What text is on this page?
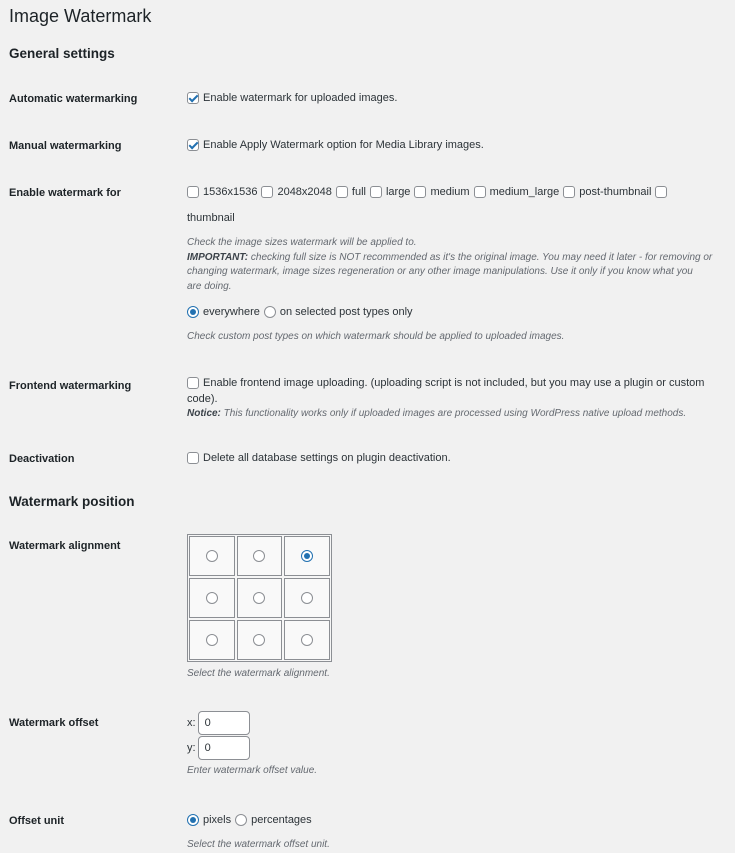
Image Watermark
General settings
Automatic watermarking	Enable watermark for uploaded images.
Manual watermarking	Enable Apply Watermark option for Media Library images.
Enable watermark for	1536x1536 2048x2048 full large medium medium_large post-thumbnail
thumbnail
Check the image sizes watermark will be applied to.
IMPORTANT: checking full size is NOT recommended as it's the original image. You may need it later - for removing or
changing watermark, image sizes regeneration or any other image manipulations. Use it only if you know what you
are doing.
everywhere on selected post types only
Check custom post types on which watermark should be applied to uploaded images.
Frontend watermarking	Enable frontend image uploading. (uploading script is not included, but you may use a plugin or custom
code).
Notice: This functionality works only if uploaded images are processed using WordPress native upload methods.
Deactivation	Delete all database settings on plugin deactivation.
Watermark position
Watermark alignment
Select the watermark alignment.
Watermark offset	x:
0
y:
0
Enter watermark offset value.
Offset unit	pixels percentages
Select the watermark offset unit.
